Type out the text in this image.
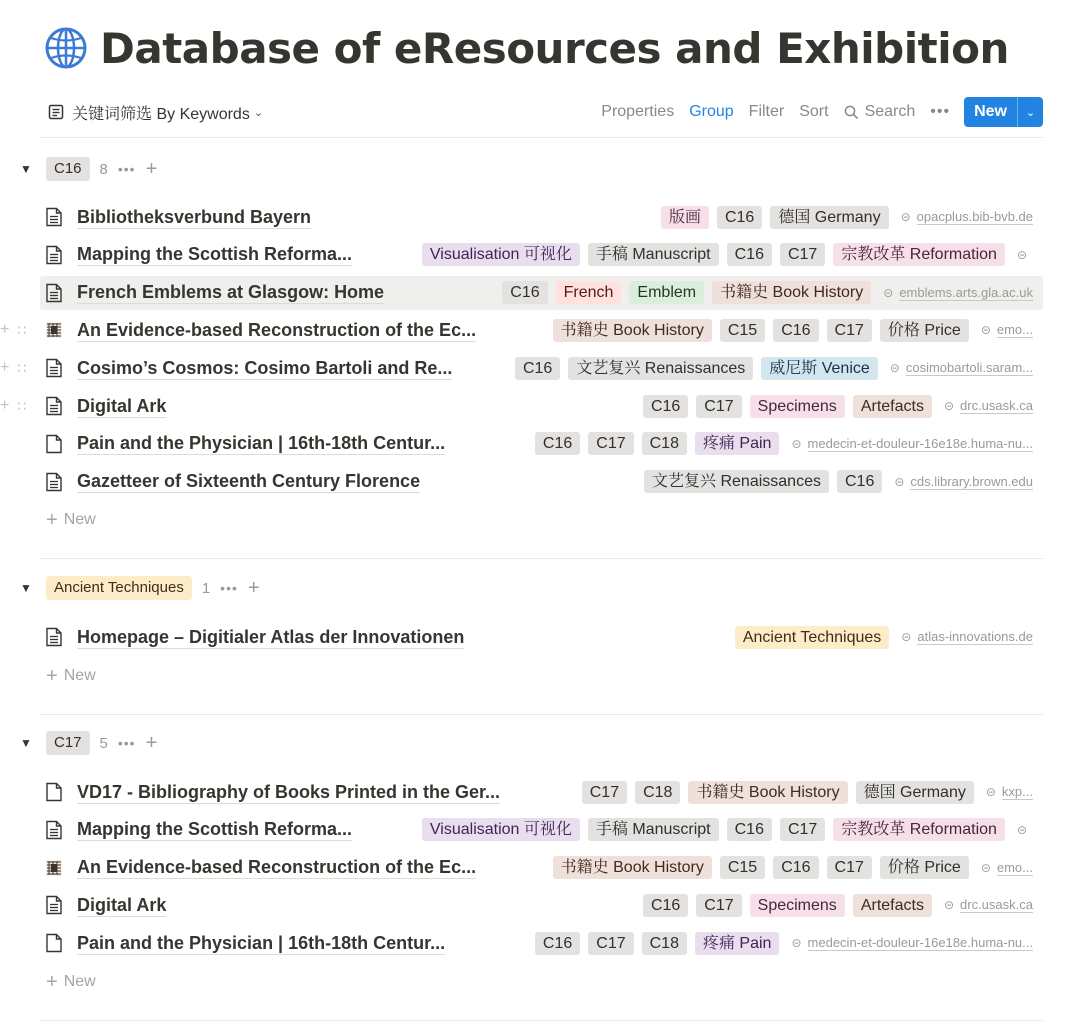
Database of eResources and Exhibition
关键词筛选 By Keywords ⌄	Properties Group Filter Sort Search •••	New	⌄
▼	C16	8 ••• +
Bibliotheksverbund Bayern	版画	C16	德国 Germany	⊝ opacplus.bib-bvb.de
Mapping the Scottish Reforma...	Visualisation 可视化	手稿 Manuscript	C16	C17	宗教改革 Reformation	⊝
French Emblems at Glasgow: Home	C16	French	Emblem	书籍史 Book History	⊝ emblems.arts.gla.ac.uk
An Evidence-based Reconstruction of the Ec...	书籍史 Book History	C15	C16	C17	价格 Price	⊝ emo...
+ ∷
Cosimo’s Cosmos: Cosimo Bartoli and Re...	C16	文艺复兴 Renaissances	威尼斯 Venice	⊝ cosimobartoli.saram...
+ ∷
Digital Ark	C16	C17	Specimens	Artefacts	⊝ drc.usask.ca
+ ∷
Pain and the Physician | 16th-18th Centur...	C16	C17	C18	疼痛 Pain	⊝ medecin-et-douleur-16e18e.huma-nu...
Gazetteer of Sixteenth Century Florence	文艺复兴 Renaissances	C16	⊝ cds.library.brown.edu
+ New
▼	Ancient Techniques	1 ••• +
Homepage – Digitialer Atlas der Innovationen	Ancient Techniques	⊝ atlas-innovations.de
+ New
▼	C17	5 ••• +
VD17 - Bibliography of Books Printed in the Ger...	C17	C18	书籍史 Book History	德国 Germany	⊝ kxp...
Mapping the Scottish Reforma...	Visualisation 可视化	手稿 Manuscript	C16	C17	宗教改革 Reformation	⊝
An Evidence-based Reconstruction of the Ec...	书籍史 Book History	C15	C16	C17	价格 Price	⊝ emo...
Digital Ark	C16	C17	Specimens	Artefacts	⊝ drc.usask.ca
Pain and the Physician | 16th-18th Centur...	C16	C17	C18	疼痛 Pain	⊝ medecin-et-douleur-16e18e.huma-nu...
+ New
